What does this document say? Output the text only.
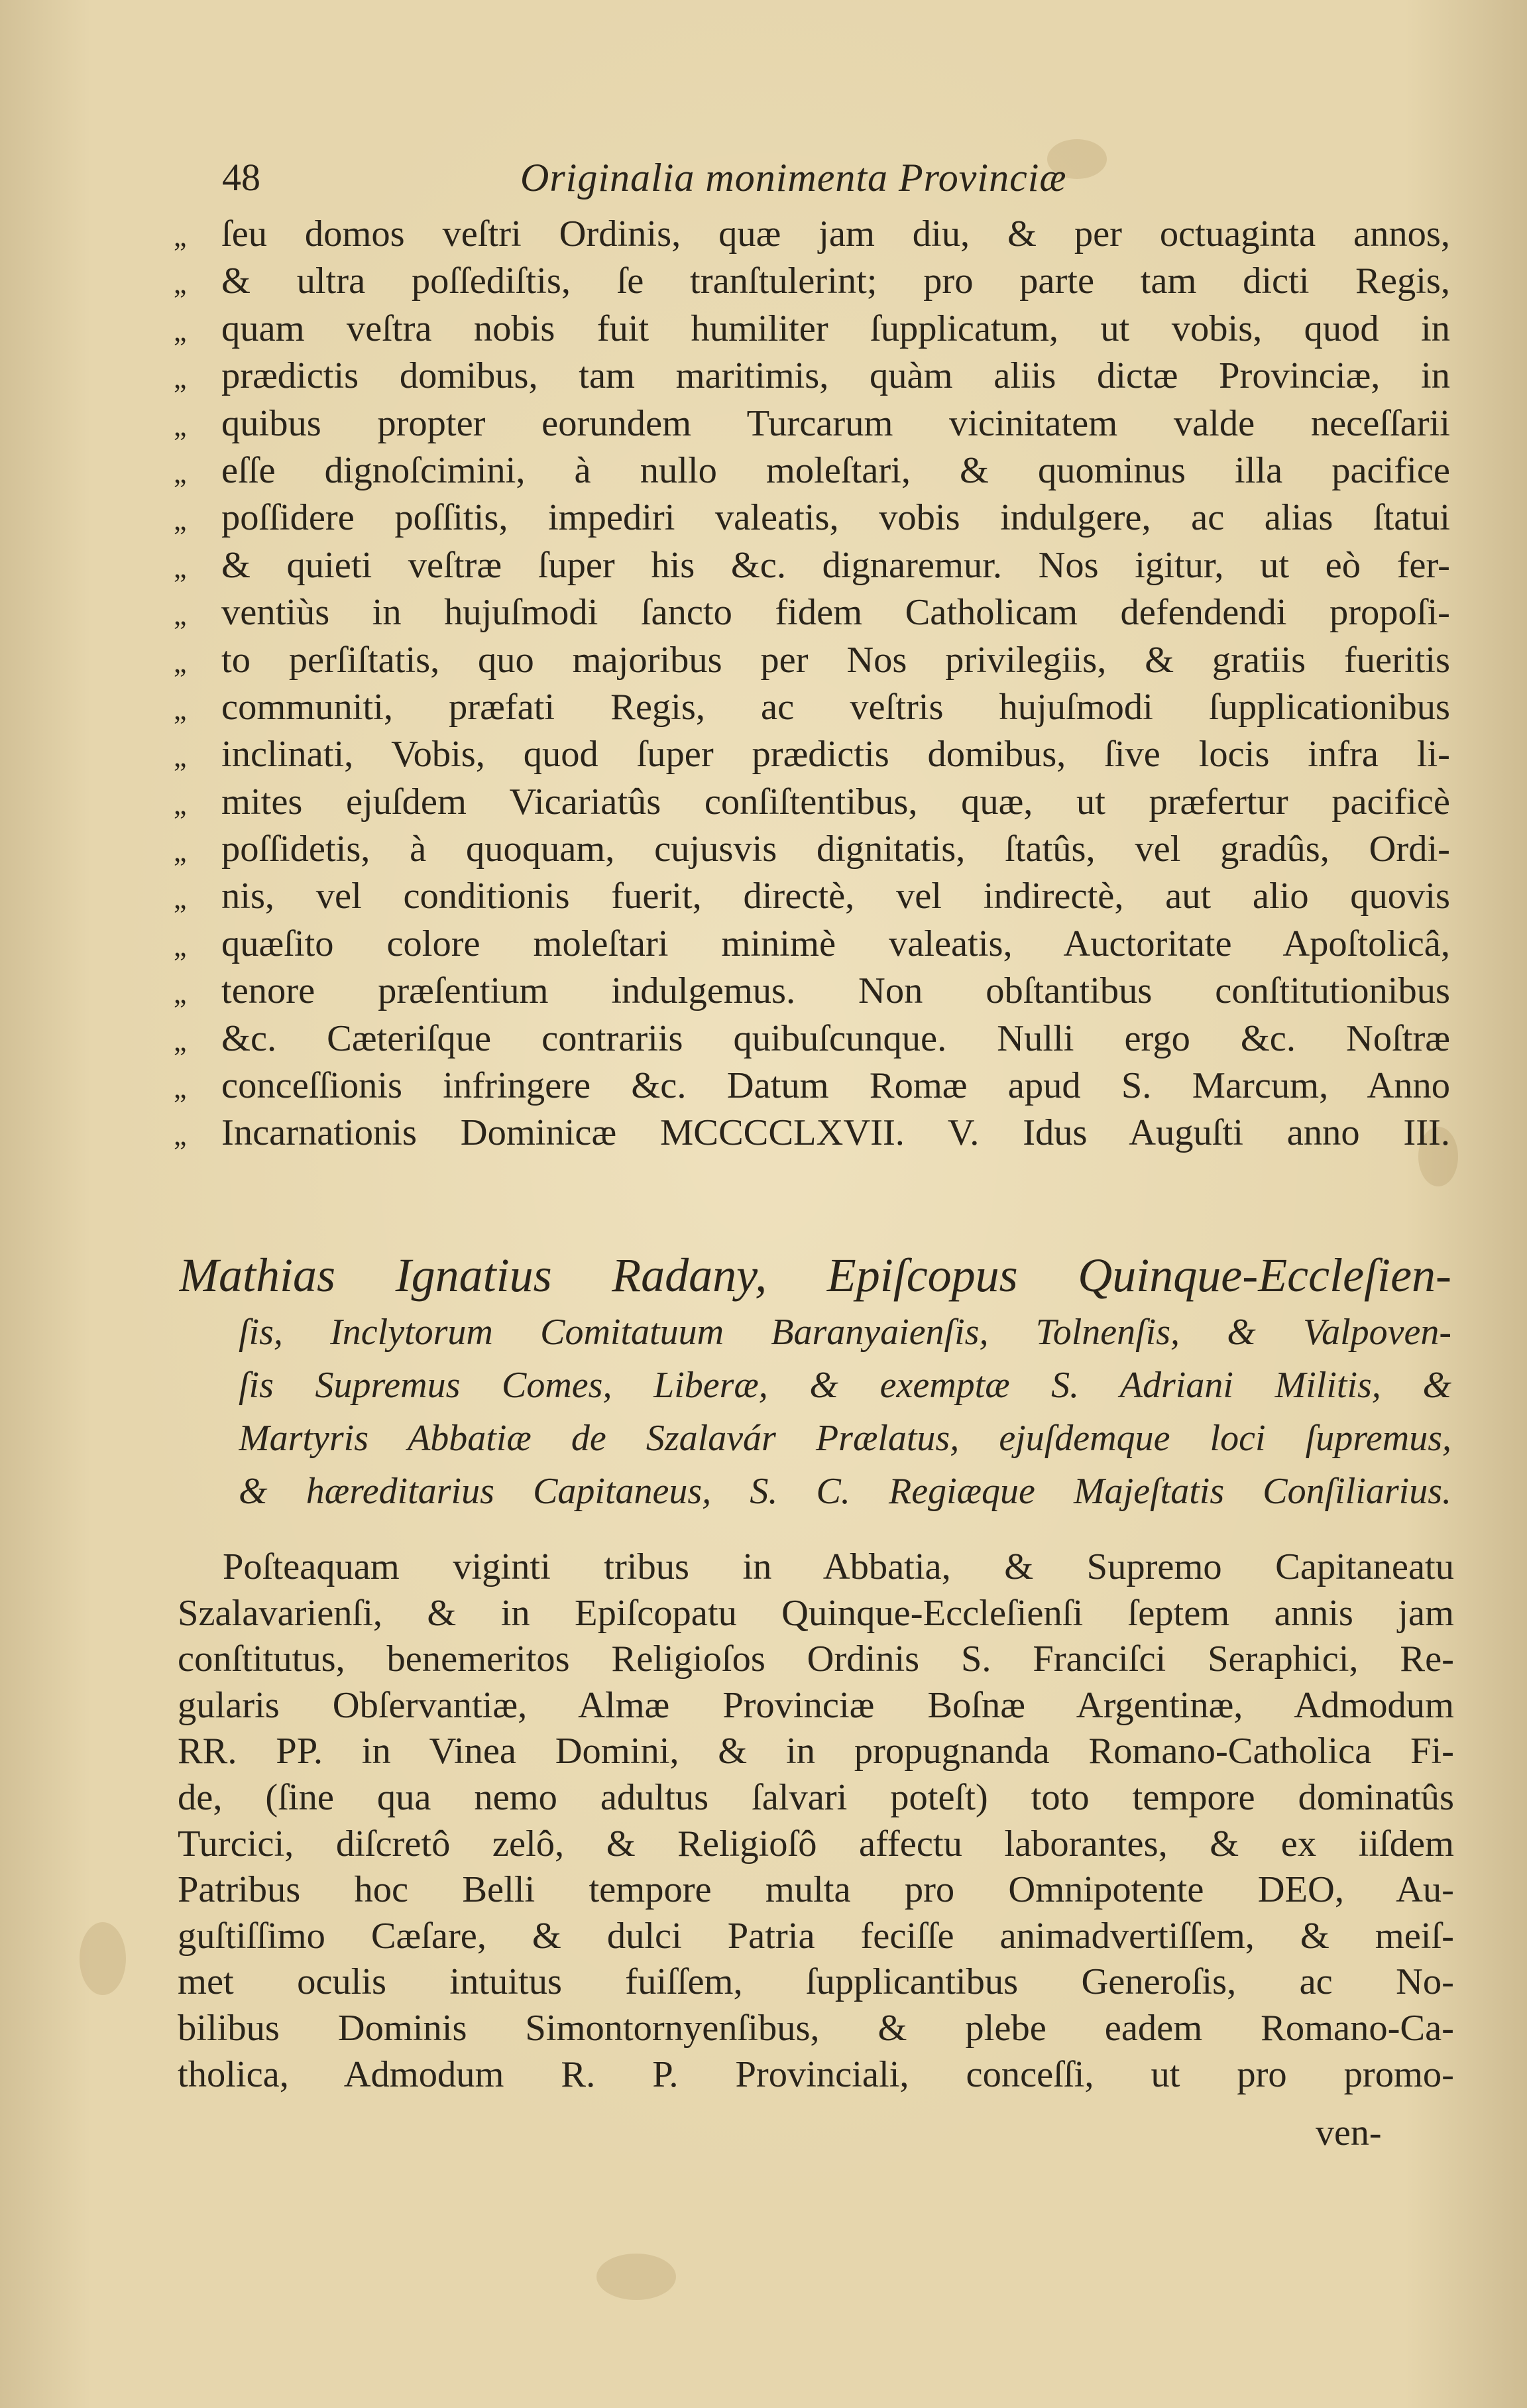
48	Originalia monimenta Provinciæ
„ ſeu domos veſtri Ordinis, quæ jam diu, & per octuaginta annos,
„ & ultra poſſediſtis, ſe tranſtulerint; pro parte tam dicti Regis,
„ quam veſtra nobis fuit humiliter ſupplicatum, ut vobis, quod in
„ prædictis domibus, tam maritimis, quàm aliis dictæ Provinciæ, in
„ quibus propter eorundem Turcarum vicinitatem valde neceſſarii
„ eſſe dignoſcimini, à nullo moleſtari, & quominus illa pacifice
„ poſſidere poſſitis, impediri valeatis, vobis indulgere, ac alias ſtatui
„ & quieti veſtræ ſuper his &c. dignaremur. Nos igitur, ut eò fer-
„ ventiùs in hujuſmodi ſancto fidem Catholicam defendendi propoſi-
„ to perſiſtatis, quo majoribus per Nos privilegiis, & gratiis fueritis
„ communiti, præfati Regis, ac veſtris hujuſmodi ſupplicationibus
„ inclinati, Vobis, quod ſuper prædictis domibus, ſive locis infra li-
„ mites ejuſdem Vicariatûs conſiſtentibus, quæ, ut præfertur pacificè
„ poſſidetis, à quoquam, cujusvis dignitatis, ſtatûs, vel gradûs, Ordi-
„ nis, vel conditionis fuerit, directè, vel indirectè, aut alio quovis
„ quæſito colore moleſtari minimè valeatis, Auctoritate Apoſtolicâ,
„ tenore præſentium indulgemus. Non obſtantibus conſtitutionibus
„ &c. Cæteriſque contrariis quibuſcunque. Nulli ergo &c. Noſtræ
„ conceſſionis infringere &c. Datum Romæ apud S. Marcum, Anno
„ Incarnationis Dominicæ MCCCCLXVII. V. Idus Auguſti anno III.
Mathias Ignatius Radany, Epiſcopus Quinque-Eccleſien-
ſis, Inclytorum Comitatuum Baranyaienſis, Tolnenſis, & Valpoven-
ſis Supremus Comes, Liberæ, & exemptæ S. Adriani Militis, &
Martyris Abbatiæ de Szalavár Prælatus, ejuſdemque loci ſupremus,
& hæreditarius Capitaneus, S. C. Regiæque Majeſtatis Conſiliarius.
Poſteaquam viginti tribus in Abbatia, & Supremo Capitaneatu
Szalavarienſi, & in Epiſcopatu Quinque-Eccleſienſi ſeptem annis jam
conſtitutus, benemeritos Religioſos Ordinis S. Franciſci Seraphici, Re-
gularis Obſervantiæ, Almæ Provinciæ Boſnæ Argentinæ, Admodum
RR. PP. in Vinea Domini, & in propugnanda Romano-Catholica Fi-
de, (ſine qua nemo adultus ſalvari poteſt) toto tempore dominatûs
Turcici, diſcretô zelô, & Religioſô affectu laborantes, & ex iiſdem
Patribus hoc Belli tempore multa pro Omnipotente DEO, Au-
guſtiſſimo Cæſare, & dulci Patria feciſſe animadvertiſſem, & meiſ-
met oculis intuitus fuiſſem, ſupplicantibus Generoſis, ac No-
bilibus Dominis Simontornyenſibus, & plebe eadem Romano-Ca-
tholica, Admodum R. P. Provinciali, conceſſi, ut pro promo-
ven-
